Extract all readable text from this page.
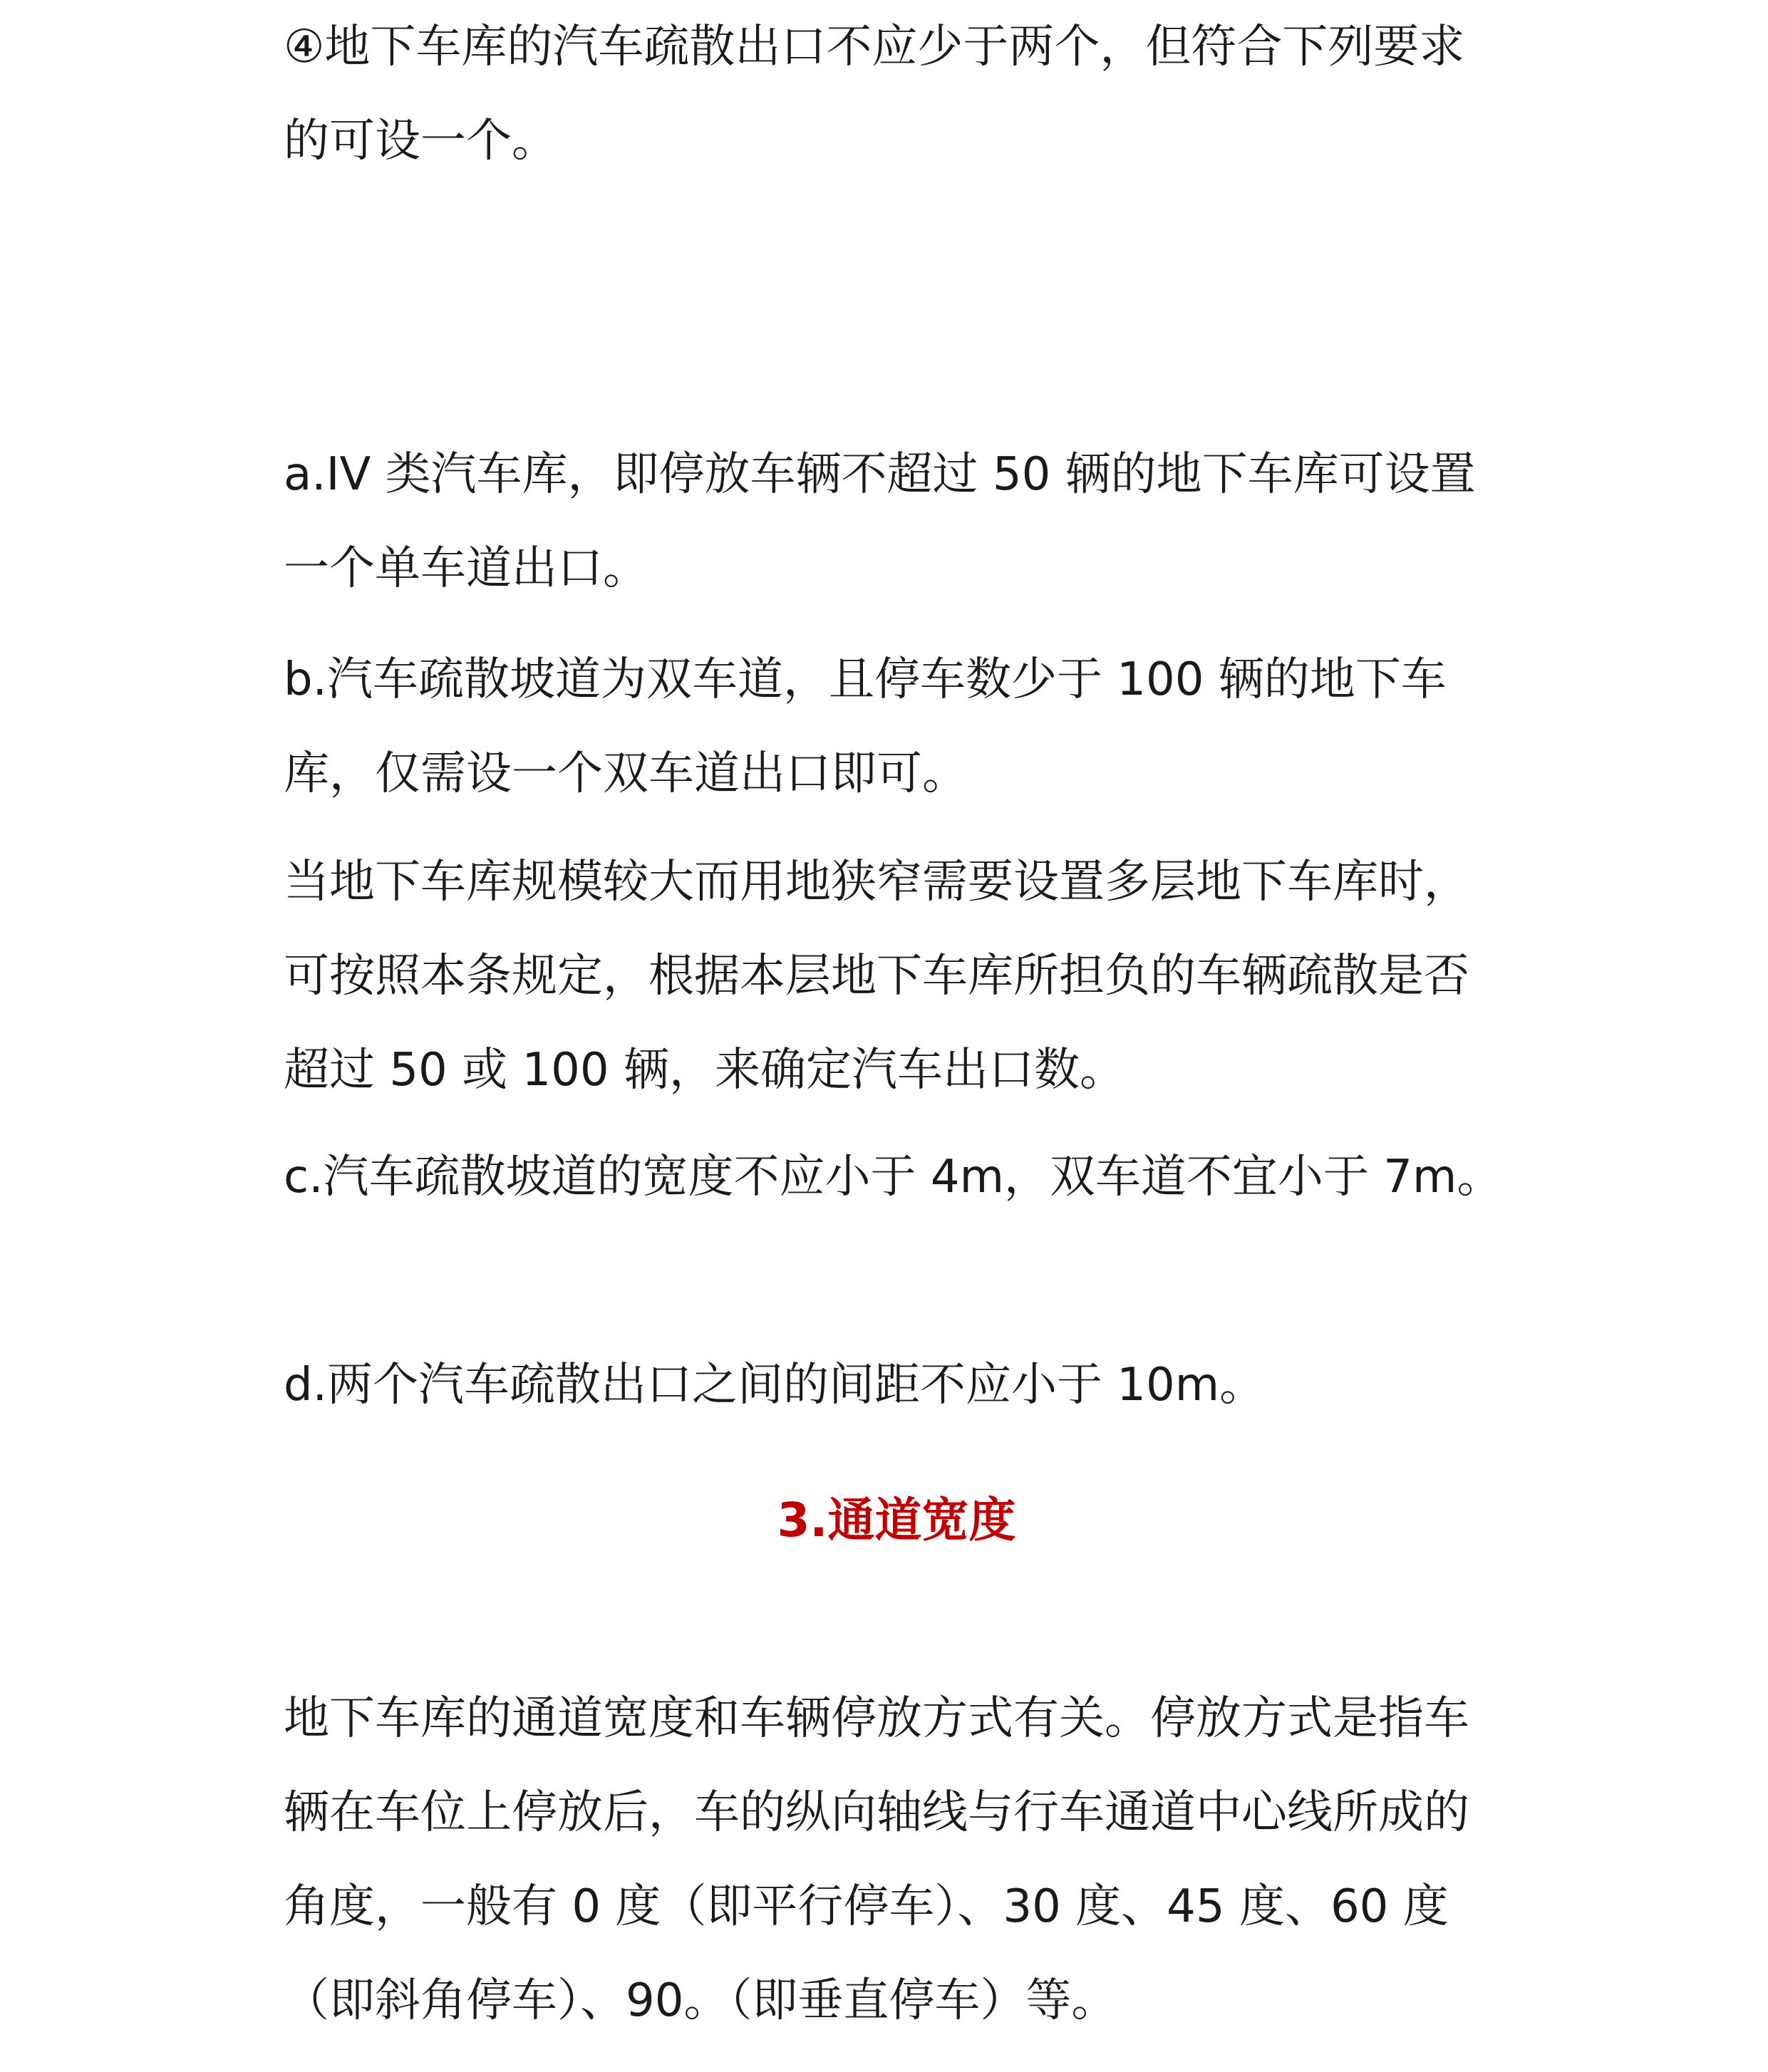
④地下车库的汽车疏散出口不应少于两个，但符合下列要求的可设一个。

a.IV 类汽车库，即停放车辆不超过 50 辆的地下车库可设置一个单车道出口。

b.汽车疏散坡道为双车道，且停车数少于 100 辆的地下车库，仅需设一个双车道出口即可。

当地下车库规模较大而用地狭窄需要设置多层地下车库时，可按照本条规定，根据本层地下车库所担负的车辆疏散是否超过 50 或 100 辆，来确定汽车出口数。

c.汽车疏散坡道的宽度不应小于 4m，双车道不宜小于 7m。

d.两个汽车疏散出口之间的间距不应小于 10m。

3.通道宽度

地下车库的通道宽度和车辆停放方式有关。停放方式是指车辆在车位上停放后，车的纵向轴线与行车通道中心线所成的角度，一般有 0 度（即平行停车）、30 度、45 度、60 度（即斜角停车）、90。（即垂直停车）等。
